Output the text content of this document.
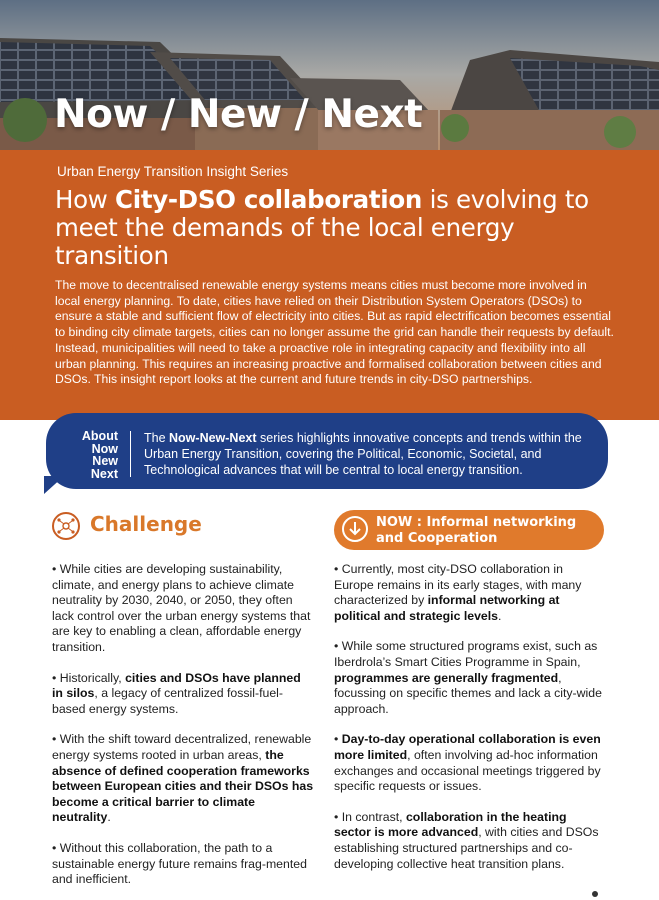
Now / New / Next
Urban Energy Transition Insight Series
How City-DSO collaboration is evolving to meet the demands of the local energy transition

The move to decentralised renewable energy systems means cities must become more involved in local energy planning. To date, cities have relied on their Distribution System Operators (DSOs) to ensure a stable and sufficient flow of electricity into cities. But as rapid electrification becomes essential to binding city climate targets, cities can no longer assume the grid can handle their requests by default. Instead, municipalities will need to take a proactive role in integrating capacity and flexibility into all urban planning. This requires an increasing proactive and formalised collaboration between cities and DSOs. This insight report looks at the current and future trends in city-DSO partnerships.

About
Now
New
Next

The Now-New-Next series highlights innovative concepts and trends within the Urban Energy Transition, covering the Political, Economic, Societal, and Technological advances that will be central to local energy transition.

Challenge

• While cities are developing sustainability, climate, and energy plans to achieve climate neutrality by 2030, 2040, or 2050, they often lack control over the urban energy systems that are key to enabling a clean, affordable energy transition.

• Historically, cities and DSOs have planned in silos, a legacy of centralized fossil-fuel-based energy systems.

• With the shift toward decentralized, renewable energy systems rooted in urban areas, the absence of defined cooperation frameworks between European cities and their DSOs has become a critical barrier to climate neutrality.

• Without this collaboration, the path to a sustainable energy future remains frag-mented and inefficient.

NOW : Informal networking and Cooperation

• Currently, most city-DSO collaboration in Europe remains in its early stages, with many characterized by informal networking at political and strategic levels.

• While some structured programs exist, such as Iberdrola’s Smart Cities Programme in Spain, programmes are generally fragmented, focussing on specific themes and lack a city-wide approach.

• Day-to-day operational collaboration is even more limited, often involving ad-hoc information exchanges and occasional meetings triggered by specific requests or issues.

• In contrast, collaboration in the heating sector is more advanced, with cities and DSOs establishing structured partnerships and co-developing collective heat transition plans.
